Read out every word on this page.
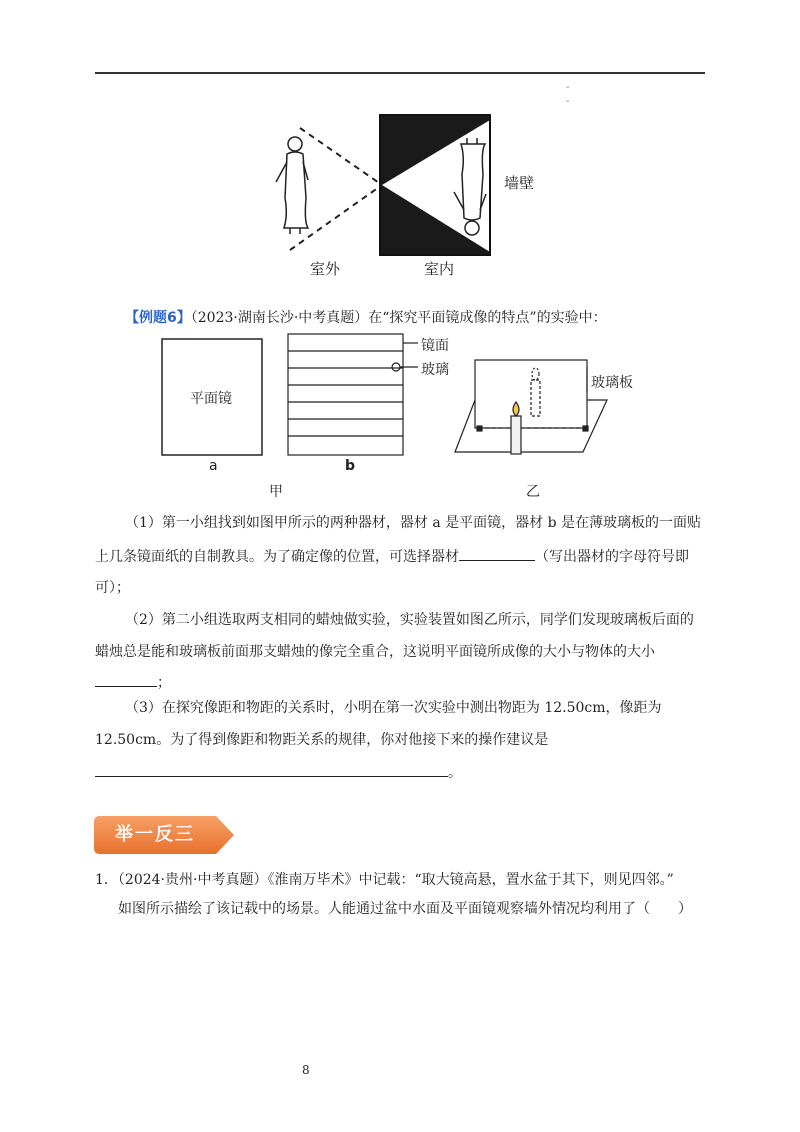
-
-
墙壁
室外	室内
【例题6】（2023·湖南长沙·中考真题）在“探究平面镜成像的特点”的实验中：
平面镜
镜面
玻璃
玻璃板
a	b
甲	乙
（1）第一小组找到如图甲所示的两种器材，器材 a 是平面镜，器材 b 是在薄玻璃板的一面贴
上几条镜面纸的自制教具。为了确定像的位置，可选择器材	（写出器材的字母符号即
可）；
（2）第二小组选取两支相同的蜡烛做实验，实验装置如图乙所示，同学们发现玻璃板后面的
蜡烛总是能和玻璃板前面那支蜡烛的像完全重合，这说明平面镜所成像的大小与物体的大小
；
（3）在探究像距和物距的关系时，小明在第一次实验中测出物距为 12.50cm，像距为
12.50cm。为了得到像距和物距关系的规律，你对他接下来的操作建议是
。
举一反三
1．（2024·贵州·中考真题）《淮南万毕术》中记载：“取大镜高悬，置水盆于其下，则见四邻。”
如图所示描绘了该记载中的场景。人能通过盆中水面及平面镜观察墙外情况均利用了（　　）
8
